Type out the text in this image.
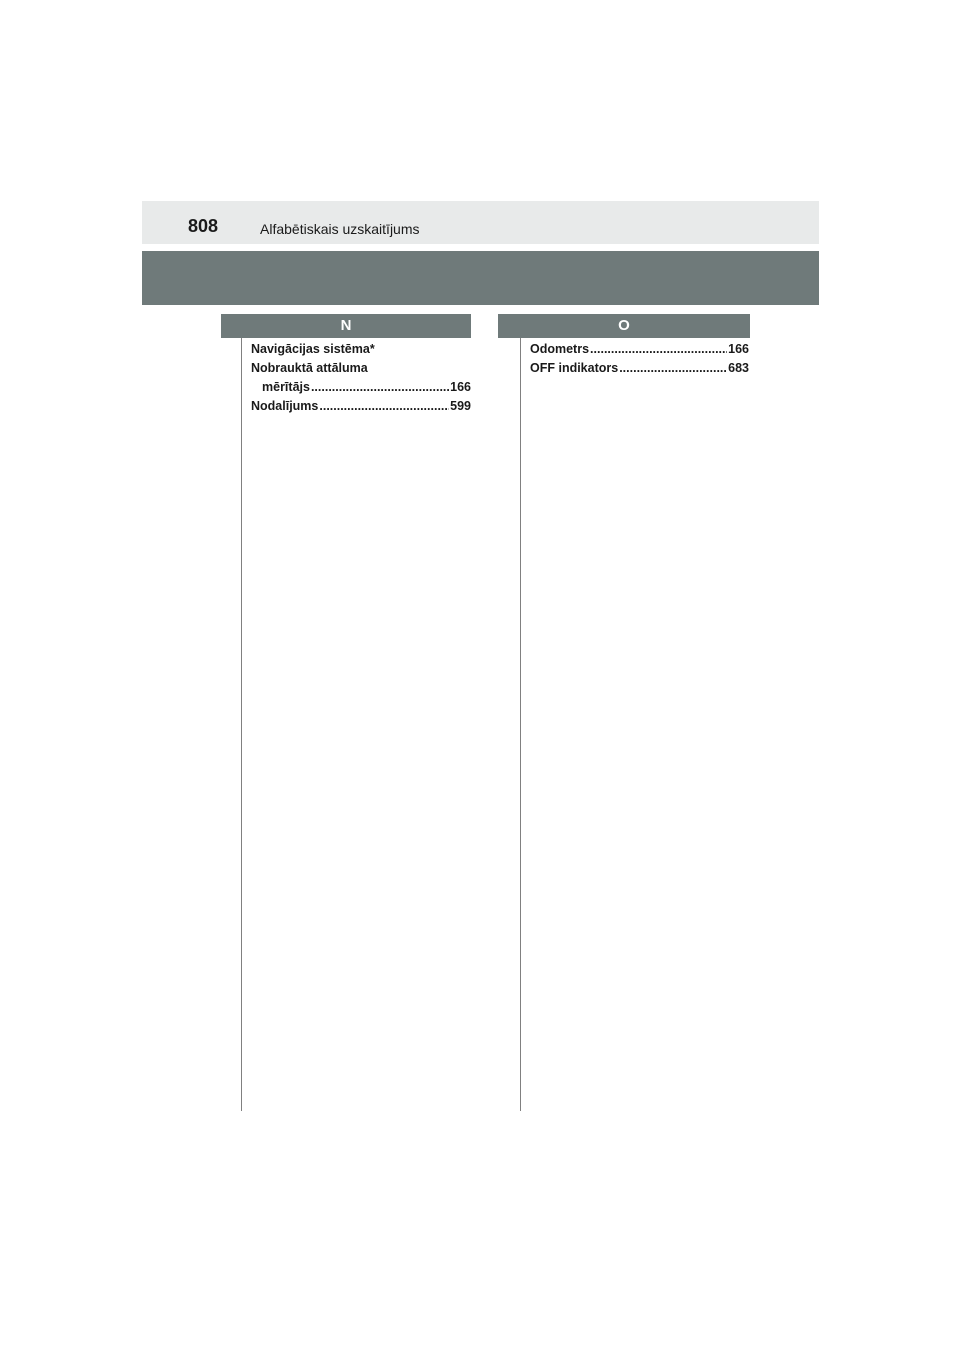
808	Alfabētiskais uzskaitījums
N	O
Navigācijas sistēma*
Nobrauktā attāluma
mērītājs .....	166
Nodalījums .....	599
Odometrs .....	166
OFF indikators .....	683
